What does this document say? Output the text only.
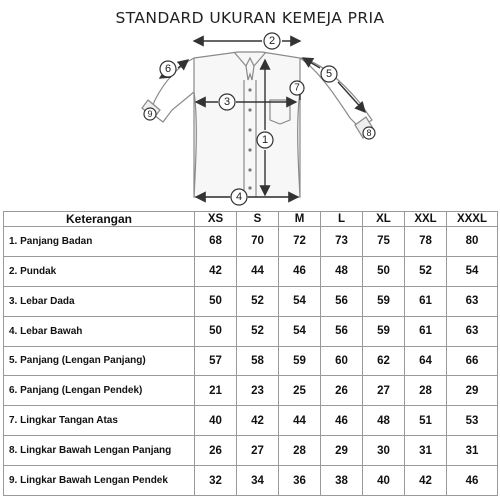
STANDARD UKURAN KEMEJA PRIA
2
1
3
4
5
6
7
8
9
Keterangan	XS	S	M	L	XL	XXL	XXXL
1. Panjang Badan	68	70	72	73	75	78	80
2. Pundak	42	44	46	48	50	52	54
3. Lebar Dada	50	52	54	56	59	61	63
4. Lebar Bawah	50	52	54	56	59	61	63
5. Panjang (Lengan Panjang)	57	58	59	60	62	64	66
6. Panjang (Lengan Pendek)	21	23	25	26	27	28	29
7. Lingkar Tangan Atas	40	42	44	46	48	51	53
8. Lingkar Bawah Lengan Panjang	26	27	28	29	30	31	31
9. Lingkar Bawah Lengan Pendek	32	34	36	38	40	42	46
